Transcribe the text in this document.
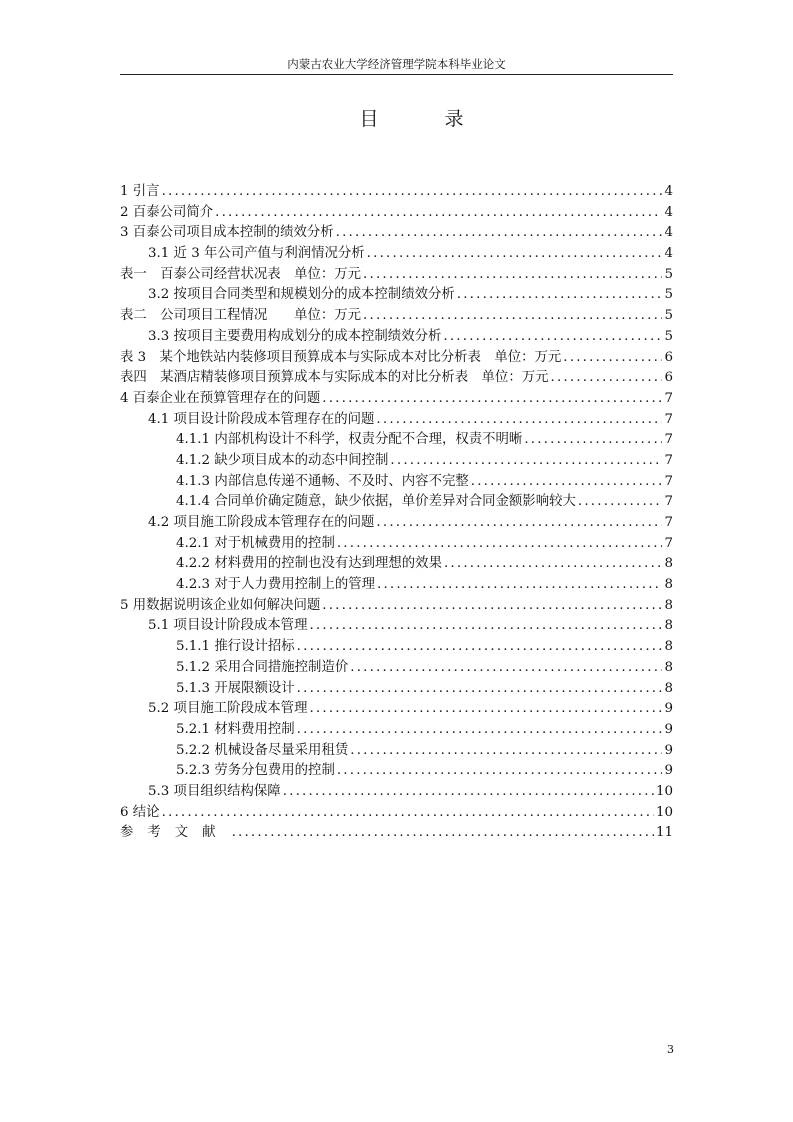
内蒙古农业大学经济管理学院本科毕业论文
目 录
1 引言 .....	4
2 百泰公司简介 .....	4
3 百泰公司项目成本控制的绩效分析 .....	4
3.1 近 3 年公司产值与利润情况分析 .....	4
表一　百泰公司经营状况表　单位：万元 .....	5
3.2 按项目合同类型和规模划分的成本控制绩效分析 .....	5
表二　公司项目工程情况　　单位：万元 .....	5
3.3 按项目主要费用构成划分的成本控制绩效分析 .....	5
表 3　某个地铁站内装修项目预算成本与实际成本对比分析表　单位：万元 .....	6
表四　某酒店精装修项目预算成本与实际成本的对比分析表　单位：万元 .....	6
4 百泰企业在预算管理存在的问题 .....	7
4.1 项目设计阶段成本管理存在的问题 .....	7
4.1.1 内部机构设计不科学，权责分配不合理，权责不明晰 .....	7
4.1.2 缺少项目成本的动态中间控制 .....	7
4.1.3 内部信息传递不通畅、不及时、内容不完整 .....	7
4.1.4 合同单价确定随意，缺少依据，单价差异对合同金额影响较大 .....	7
4.2 项目施工阶段成本管理存在的问题 .....	7
4.2.1 对于机械费用的控制 .....	7
4.2.2 材料费用的控制也没有达到理想的效果 .....	8
4.2.3 对于人力费用控制上的管理 .....	8
5 用数据说明该企业如何解决问题 .....	8
5.1 项目设计阶段成本管理 .....	8
5.1.1 推行设计招标 .....	8
5.1.2 采用合同措施控制造价 .....	8
5.1.3 开展限额设计 .....	8
5.2 项目施工阶段成本管理 .....	9
5.2.1 材料费用控制 .....	9
5.2.2 机械设备尽量采用租赁 .....	9
5.2.3 劳务分包费用的控制 .....	9
5.3 项目组织结构保障 .....	10
6 结论 .....	10
参考文献 .....	11
3
